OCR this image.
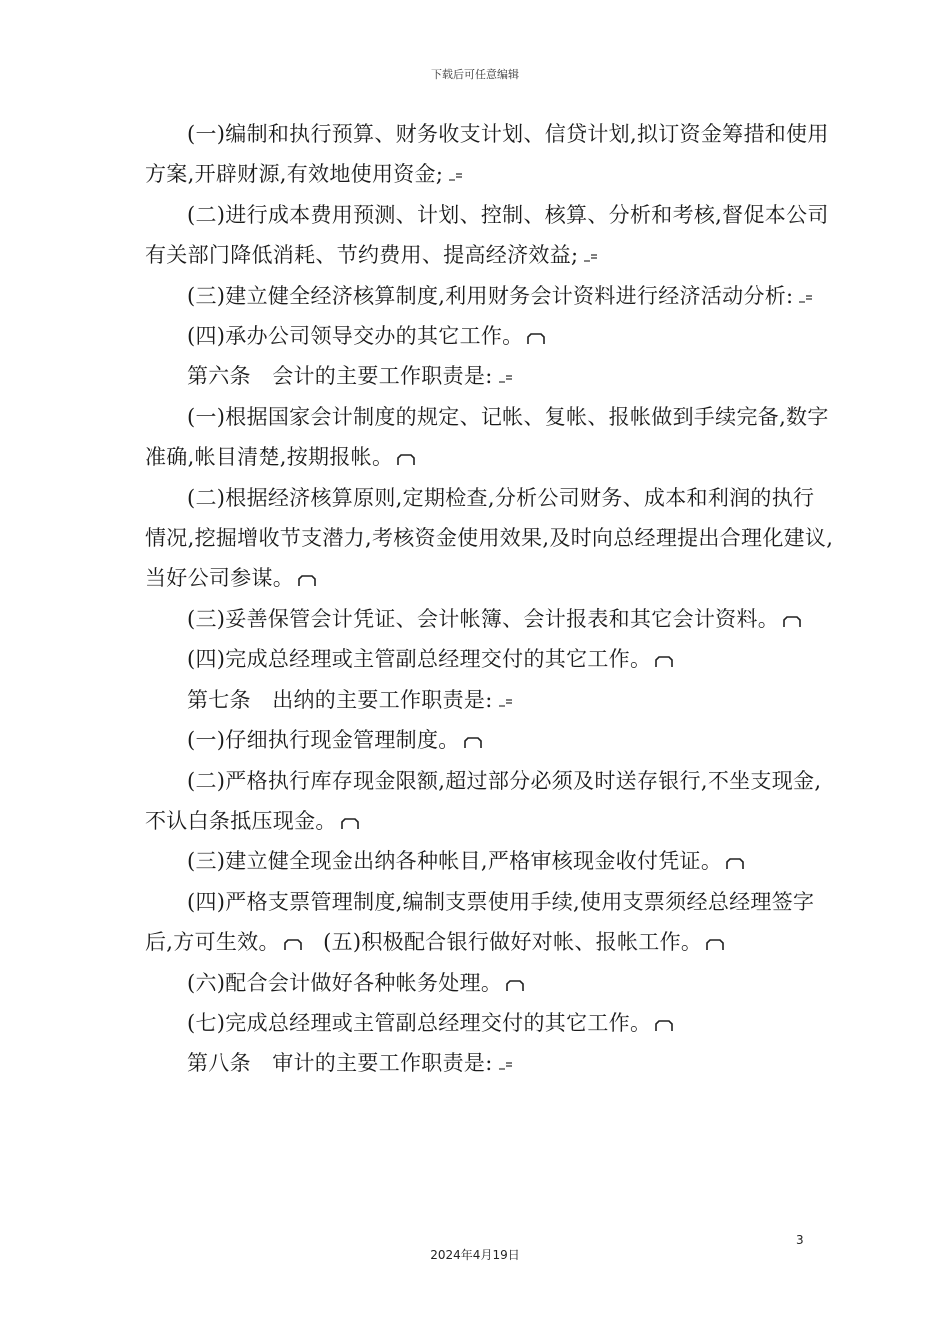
下载后可任意编辑

(一)编制和执行预算、财务收支计划、信贷计划,拟订资金筹措和使用方案,开辟财源,有效地使用资金;

(二)进行成本费用预测、计划、控制、核算、分析和考核,督促本公司有关部门降低消耗、节约费用、提高经济效益;

(三)建立健全经济核算制度,利用财务会计资料进行经济活动分析:

(四)承办公司领导交办的其它工作。

第六条　会计的主要工作职责是:

(一)根据国家会计制度的规定、记帐、复帐、报帐做到手续完备,数字准确,帐目清楚,按期报帐。

(二)根据经济核算原则,定期检查,分析公司财务、成本和利润的执行情况,挖掘增收节支潜力,考核资金使用效果,及时向总经理提出合理化建议,当好公司参谋。

(三)妥善保管会计凭证、会计帐簿、会计报表和其它会计资料。

(四)完成总经理或主管副总经理交付的其它工作。

第七条　出纳的主要工作职责是:

(一)仔细执行现金管理制度。

(二)严格执行库存现金限额,超过部分必须及时送存银行,不坐支现金,不认白条抵压现金。

(三)建立健全现金出纳各种帐目,严格审核现金收付凭证。

(四)严格支票管理制度,编制支票使用手续,使用支票须经总经理签字后,方可生效。
　(五)积极配合银行做好对帐、报帐工作。

(六)配合会计做好各种帐务处理。

(七)完成总经理或主管副总经理交付的其它工作。

第八条　审计的主要工作职责是:

3
2024年4月19日
